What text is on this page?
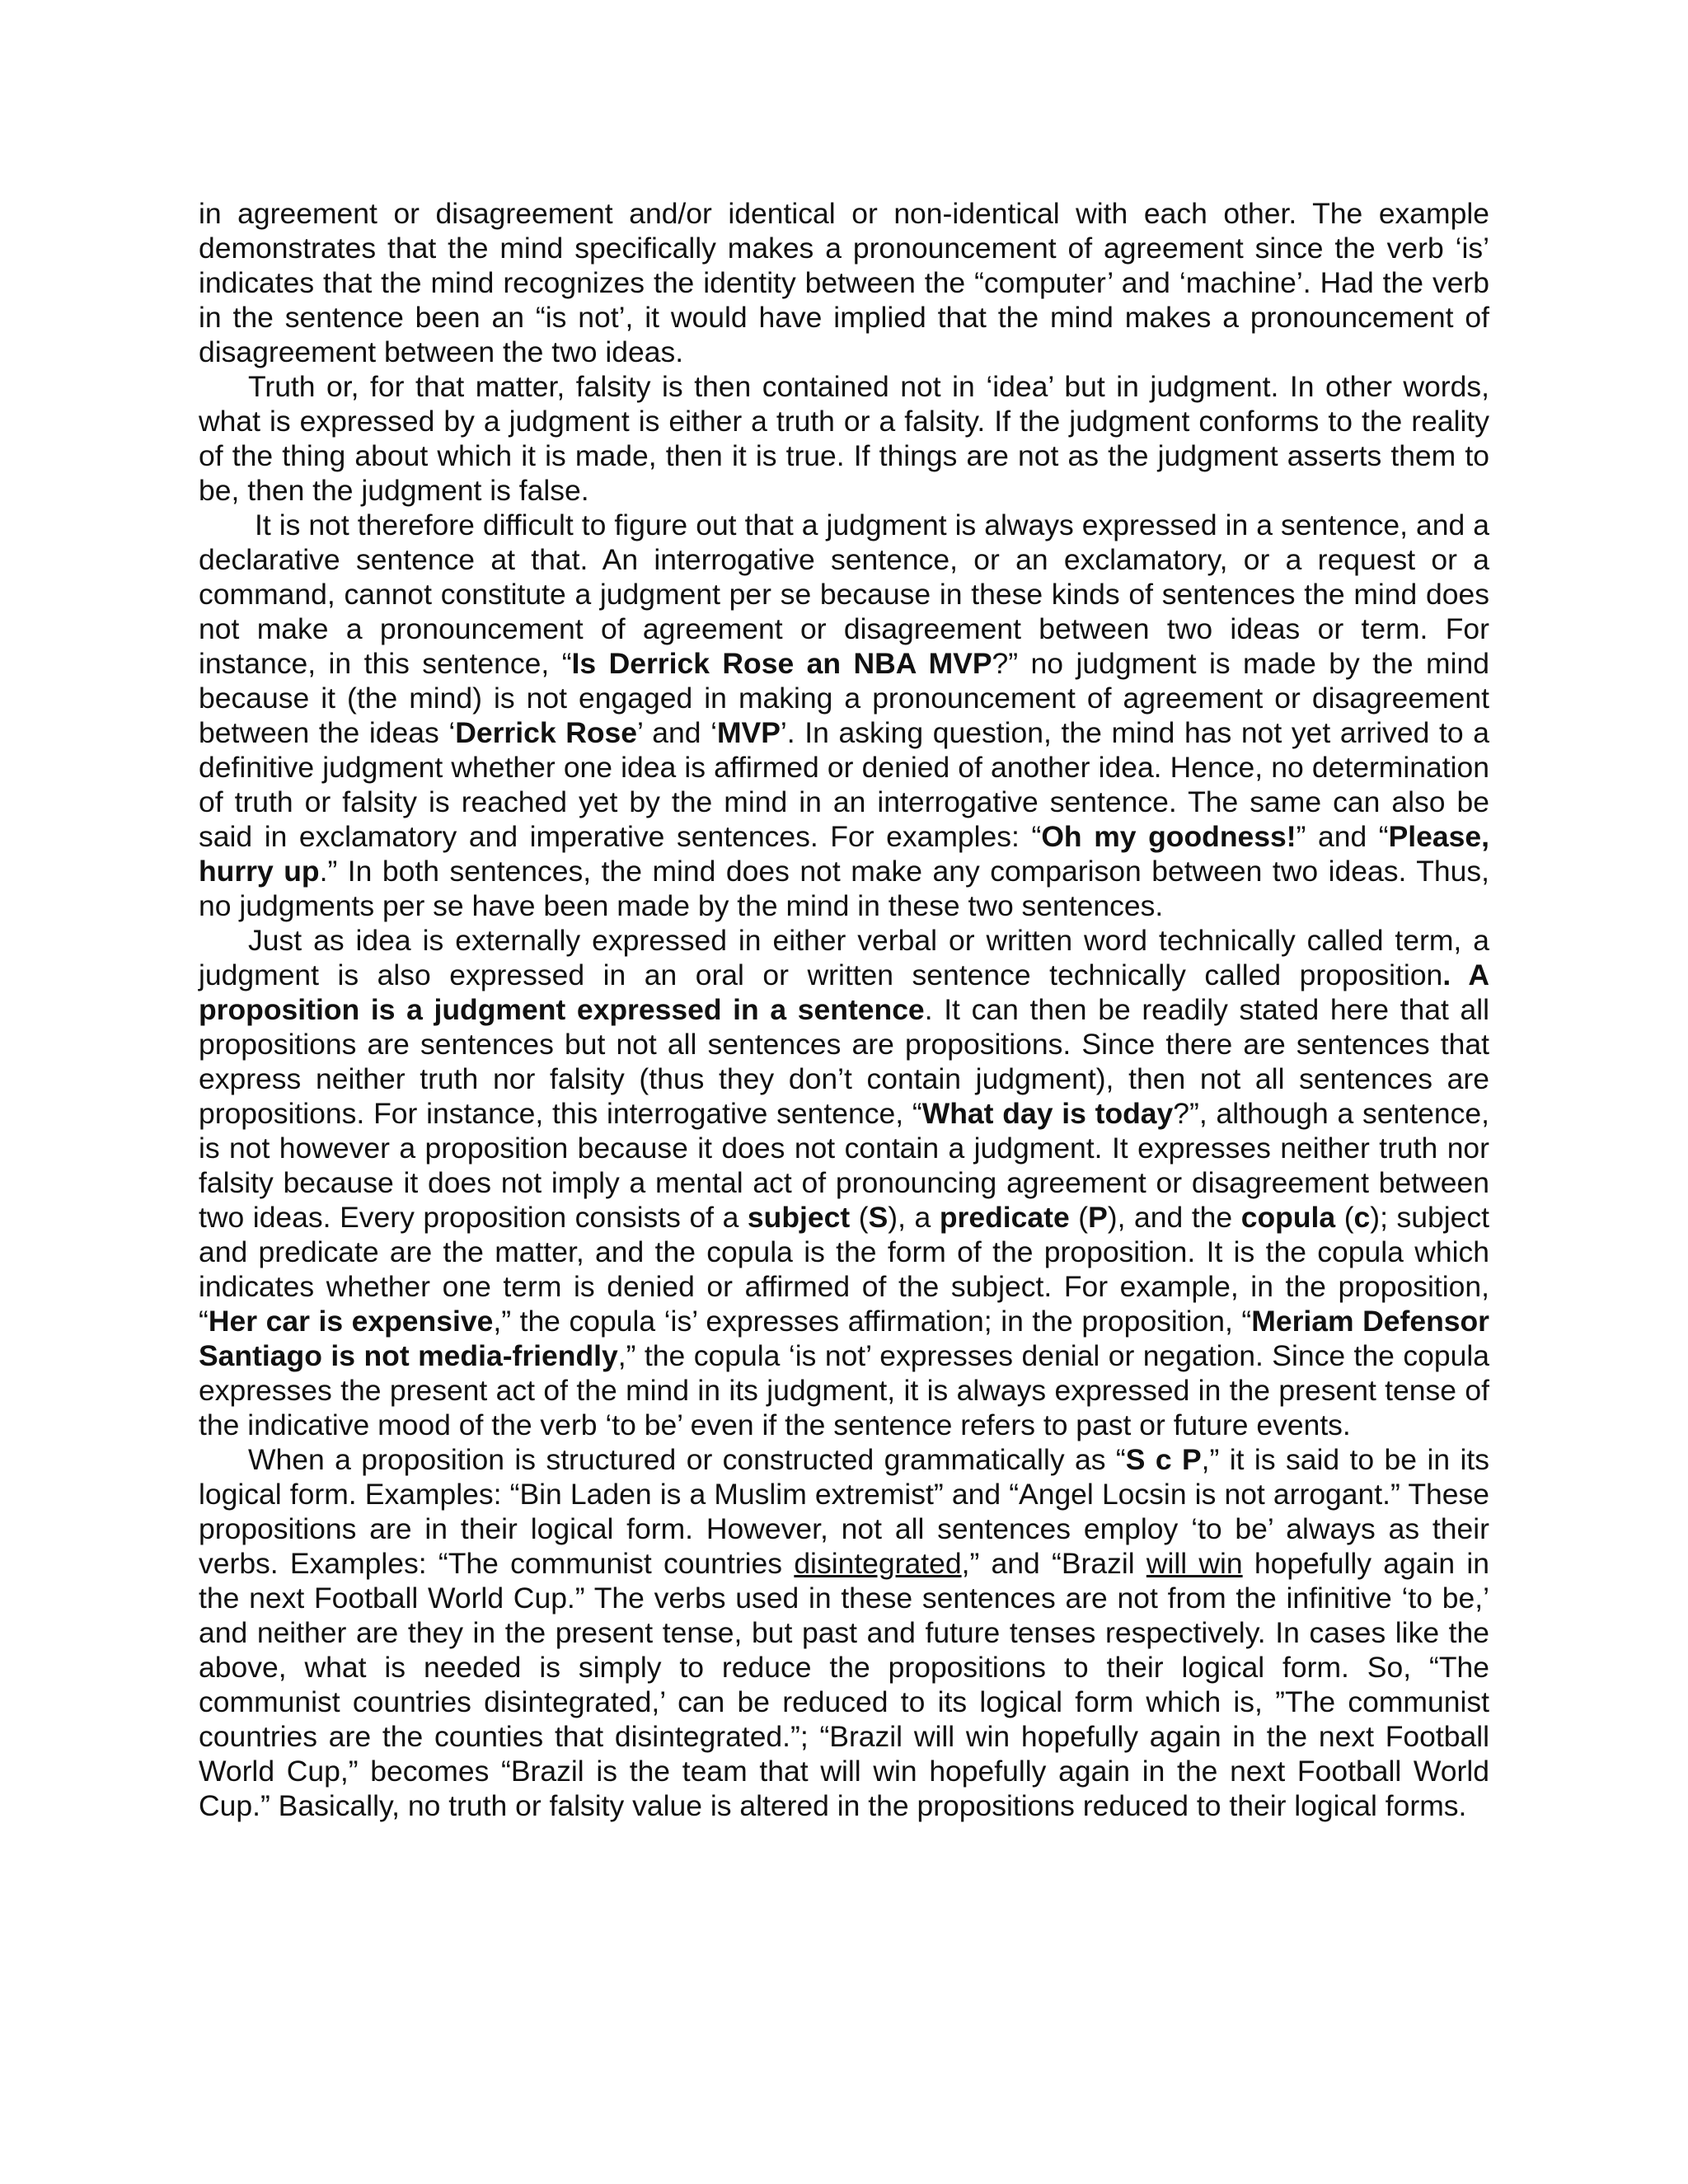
in agreement or disagreement and/or identical or non-identical with each other. The example demonstrates that the mind specifically makes a pronouncement of agreement since the verb ‘is’ indicates that the mind recognizes the identity between the “computer’ and ‘machine’. Had the verb in the sentence been an “is not’, it would have implied that the mind makes a pronouncement of disagreement between the two ideas.

Truth or, for that matter, falsity is then contained not in ‘idea’ but in judgment. In other words, what is expressed by a judgment is either a truth or a falsity. If the judgment conforms to the reality of the thing about which it is made, then it is true. If things are not as the judgment asserts them to be, then the judgment is false.

It is not therefore difficult to figure out that a judgment is always expressed in a sentence, and a declarative sentence at that. An interrogative sentence, or an exclamatory, or a request or a command, cannot constitute a judgment per se because in these kinds of sentences the mind does not make a pronouncement of agreement or disagreement between two ideas or term. For instance, in this sentence, “Is Derrick Rose an NBA MVP?” no judgment is made by the mind because it (the mind) is not engaged in making a pronouncement of agreement or disagreement between the ideas ‘Derrick Rose’ and ‘MVP’. In asking question, the mind has not yet arrived to a definitive judgment whether one idea is affirmed or denied of another idea. Hence, no determination of truth or falsity is reached yet by the mind in an interrogative sentence. The same can also be said in exclamatory and imperative sentences. For examples: “Oh my goodness!” and “Please, hurry up.” In both sentences, the mind does not make any comparison between two ideas. Thus, no judgments per se have been made by the mind in these two sentences.

Just as idea is externally expressed in either verbal or written word technically called term, a judgment is also expressed in an oral or written sentence technically called proposition. A proposition is a judgment expressed in a sentence. It can then be readily stated here that all propositions are sentences but not all sentences are propositions. Since there are sentences that express neither truth nor falsity (thus they don’t contain judgment), then not all sentences are propositions. For instance, this interrogative sentence, “What day is today?”, although a sentence, is not however a proposition because it does not contain a judgment. It expresses neither truth nor falsity because it does not imply a mental act of pronouncing agreement or disagreement between two ideas. Every proposition consists of a subject (S), a predicate (P), and the copula (c); subject and predicate are the matter, and the copula is the form of the proposition. It is the copula which indicates whether one term is denied or affirmed of the subject. For example, in the proposition, “Her car is expensive,” the copula ‘is’ expresses affirmation; in the proposition, “Meriam Defensor Santiago is not media-friendly,” the copula ‘is not’ expresses denial or negation. Since the copula expresses the present act of the mind in its judgment, it is always expressed in the present tense of the indicative mood of the verb ‘to be’ even if the sentence refers to past or future events.

When a proposition is structured or constructed grammatically as “S c P,” it is said to be in its logical form. Examples: “Bin Laden is a Muslim extremist” and “Angel Locsin is not arrogant.” These propositions are in their logical form. However, not all sentences employ ‘to be’ always as their verbs. Examples: “The communist countries disintegrated,” and “Brazil will win hopefully again in the next Football World Cup.” The verbs used in these sentences are not from the infinitive ‘to be,’ and neither are they in the present tense, but past and future tenses respectively. In cases like the above, what is needed is simply to reduce the propositions to their logical form. So, “The communist countries disintegrated,’ can be reduced to its logical form which is, ”The communist countries are the counties that disintegrated.”; “Brazil will win hopefully again in the next Football World Cup,” becomes “Brazil is the team that will win hopefully again in the next Football World Cup.” Basically, no truth or falsity value is altered in the propositions reduced to their logical forms.
